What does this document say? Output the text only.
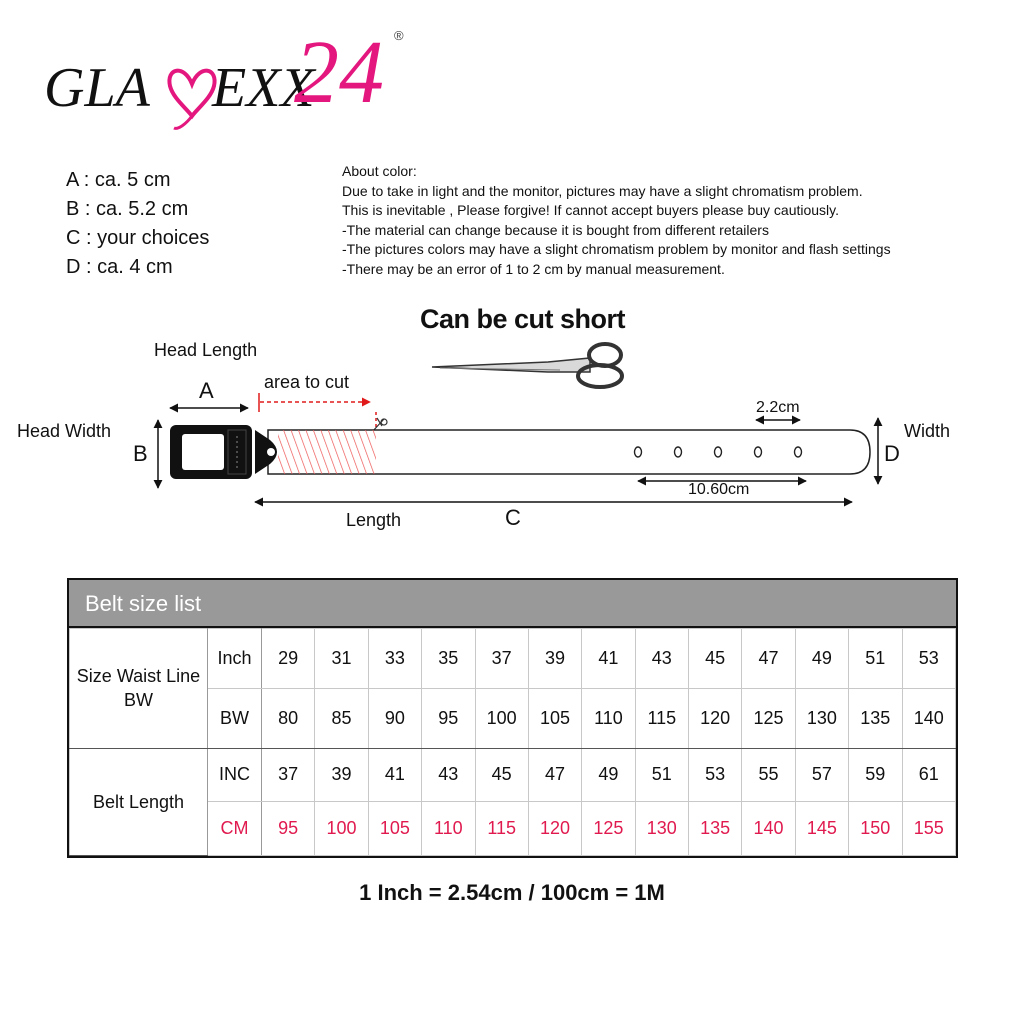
GLA EXX
24 ®
A : ca. 5 cm
B : ca. 5.2 cm
C : your choices
D : ca. 4 cm
About color:
Due to take in light and the monitor, pictures may have a slight chromatism problem.
This is inevitable , Please forgive! If cannot accept buyers please buy cautiously.
-The material can change because it is bought from different retailers
-The pictures colors may have a slight chromatism problem by monitor and flash settings
-There may be an error of 1 to 2 cm by manual measurement.
Can be cut short
Head Length
A	area to cut
Head Width
B
2.2cm
Width
D
10.60cm
Length	C
Belt size list
Size Waist Line BW	Inch	29	31	33	35	37	39	41	43	45	47	49	51	53
	BW	80	85	90	95	100	105	110	115	120	125	130	135	140
Belt Length	INC	37	39	41	43	45	47	49	51	53	55	57	59	61
	CM	95	100	105	110	115	120	125	130	135	140	145	150	155
1 Inch = 2.54cm / 100cm = 1M
